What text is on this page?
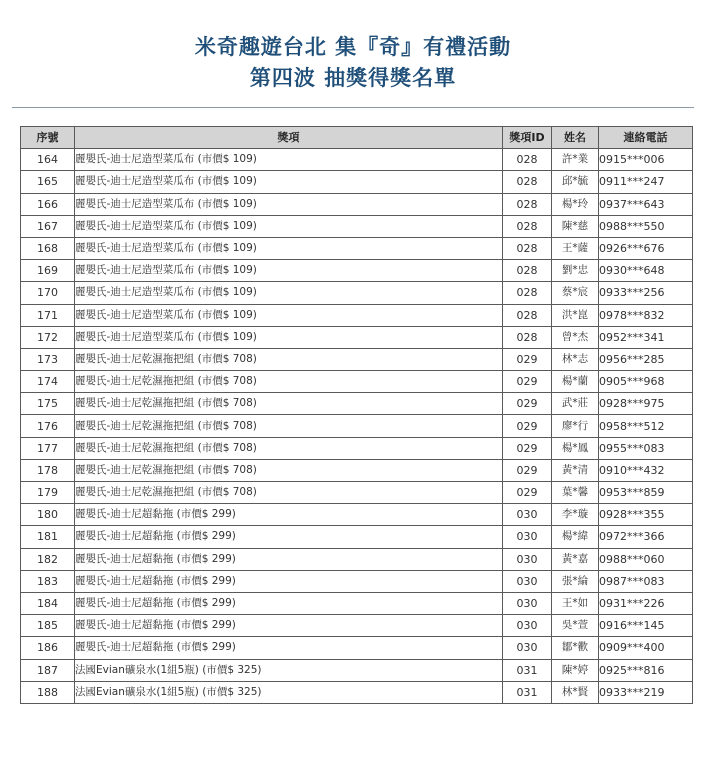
米奇趣遊台北 集『奇』有禮活動
第四波 抽獎得獎名單
序號	獎項	獎項ID	姓名	連絡電話
164	麗嬰氏-迪士尼造型菜瓜布 (市價$ 109)	028	許*業	0915***006
165	麗嬰氏-迪士尼造型菜瓜布 (市價$ 109)	028	邱*毓	0911***247
166	麗嬰氏-迪士尼造型菜瓜布 (市價$ 109)	028	楊*玲	0937***643
167	麗嬰氏-迪士尼造型菜瓜布 (市價$ 109)	028	陳*慈	0988***550
168	麗嬰氏-迪士尼造型菜瓜布 (市價$ 109)	028	王*薩	0926***676
169	麗嬰氏-迪士尼造型菜瓜布 (市價$ 109)	028	劉*忠	0930***648
170	麗嬰氏-迪士尼造型菜瓜布 (市價$ 109)	028	蔡*宸	0933***256
171	麗嬰氏-迪士尼造型菜瓜布 (市價$ 109)	028	洪*崑	0978***832
172	麗嬰氏-迪士尼造型菜瓜布 (市價$ 109)	028	曾*杰	0952***341
173	麗嬰氏-迪士尼乾濕拖把組 (市價$ 708)	029	林*志	0956***285
174	麗嬰氏-迪士尼乾濕拖把組 (市價$ 708)	029	楊*蘭	0905***968
175	麗嬰氏-迪士尼乾濕拖把組 (市價$ 708)	029	武*莊	0928***975
176	麗嬰氏-迪士尼乾濕拖把組 (市價$ 708)	029	廖*行	0958***512
177	麗嬰氏-迪士尼乾濕拖把組 (市價$ 708)	029	楊*鳳	0955***083
178	麗嬰氏-迪士尼乾濕拖把組 (市價$ 708)	029	黃*清	0910***432
179	麗嬰氏-迪士尼乾濕拖把組 (市價$ 708)	029	葉*馨	0953***859
180	麗嬰氏-迪士尼超黏拖 (市價$ 299)	030	李*璇	0928***355
181	麗嬰氏-迪士尼超黏拖 (市價$ 299)	030	楊*緯	0972***366
182	麗嬰氏-迪士尼超黏拖 (市價$ 299)	030	黃*嘉	0988***060
183	麗嬰氏-迪士尼超黏拖 (市價$ 299)	030	張*綸	0987***083
184	麗嬰氏-迪士尼超黏拖 (市價$ 299)	030	王*如	0931***226
185	麗嬰氏-迪士尼超黏拖 (市價$ 299)	030	吳*萱	0916***145
186	麗嬰氏-迪士尼超黏拖 (市價$ 299)	030	鄒*歡	0909***400
187	法國Evian礦泉水(1組5瓶) (市價$ 325)	031	陳*婷	0925***816
188	法國Evian礦泉水(1組5瓶) (市價$ 325)	031	林*賢	0933***219
